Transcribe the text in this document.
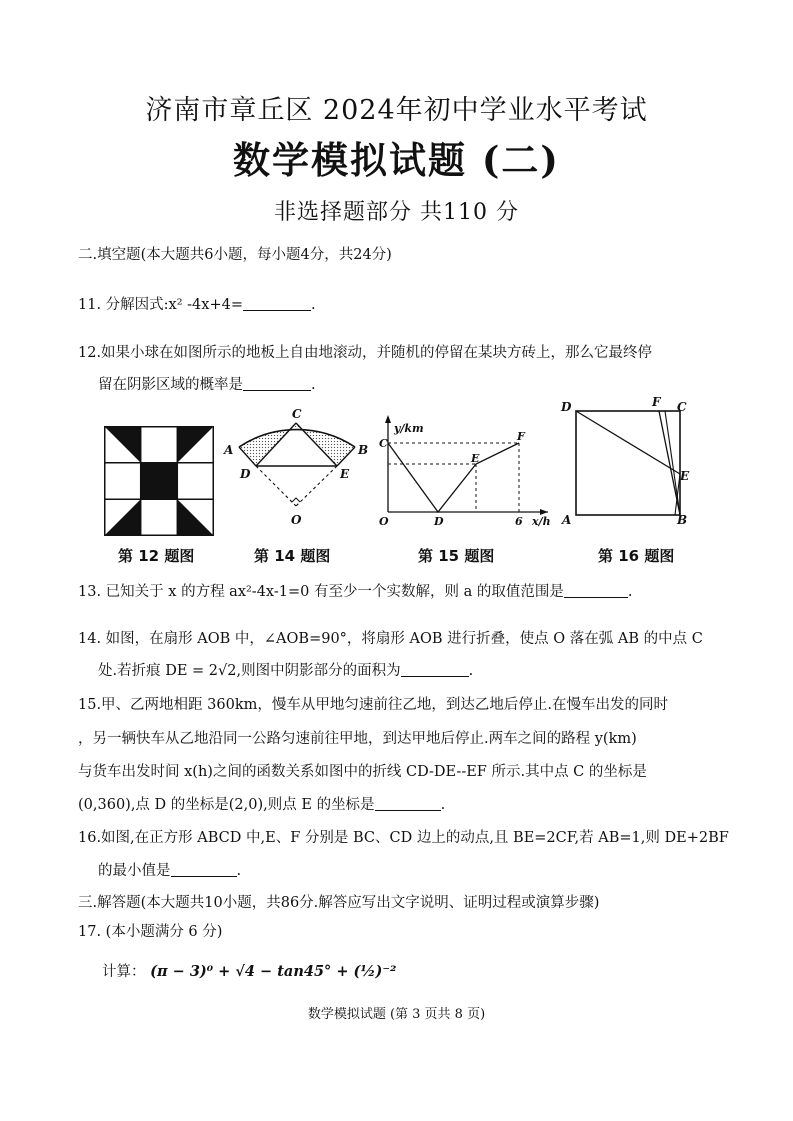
济南市章丘区 2024年初中学业水平考试
数学模拟试题 (二)
非选择题部分 共110 分
二.填空题(本大题共6小题，每小题4分，共24分)
11. 分解因式:x² -4x+4=	.
12.如果小球在如图所示的地板上自由地滚动，并随机的停留在某块方砖上，那么它最终停
留在阴影区域的概率是	.
A	B
C
D	E
O
y/km
x/h
C
D
E
F
O	6
D	F C
E
A	B
第 12 题图	第 14 题图	第 15 题图	第 16 题图
13. 已知关于 x 的方程 ax²-4x-1=0 有至少一个实数解，则 a 的取值范围是	.
14. 如图，在扇形 AOB 中，∠AOB=90°，将扇形 AOB 进行折叠，使点 O 落在弧 AB 的中点 C
处.若折痕 DE = 2√2,则图中阴影部分的面积为	.
15.甲、乙两地相距 360km，慢车从甲地匀速前往乙地，到达乙地后停止.在慢车出发的同时
，另一辆快车从乙地沿同一公路匀速前往甲地，到达甲地后停止.两车之间的路程 y(km)
与货车出发时间 x(h)之间的函数关系如图中的折线 CD-DE--EF 所示.其中点 C 的坐标是
(0,360),点 D 的坐标是(2,0),则点 E 的坐标是	.
16.如图,在正方形 ABCD 中,E、F 分别是 BC、CD 边上的动点,且 BE=2CF,若 AB=1,则 DE+2BF
的最小值是	.
三.解答题(本大题共10小题，共86分.解答应写出文字说明、证明过程或演算步骤)
17. (本小题满分 6 分)
计算： (π − 3)⁰ + √4 − tan45° + (½)⁻²
数学模拟试题 (第 3 页共 8 页)
